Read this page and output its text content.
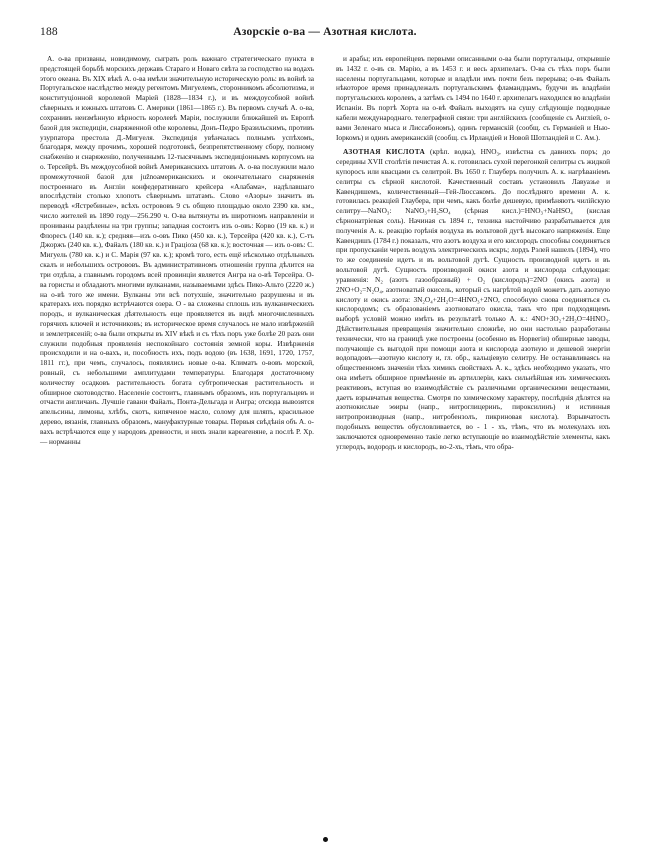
188	Азорскіе о-ва — Азотная кислота.

А. о-ва призваны, новидимому, сыграть роль важнаго стратегическаго пункта в предстоящей борьбѣ морскихъ державъ Стараго и Новаго свѣта за господство на водахъ этого океана. Въ XIX вѣкѣ А. о-ва имѣли значительную историческую роль: въ войнѣ за Португальское наслѣдство между регентомъ Мигуелемъ, сторонникомъ абсолютизма, и конституціонной королевой Маріей (1828—1834 г.), и въ междоусобной войнѣ сѣверныхъ и южныхъ штатовъ С. Америки (1861—1865 г.). Въ первомъ случаѣ А. о-ва, сохранивъ неизмѣнную вѣрность королевѣ Маріи, послужили ближайшей въ Европѣ базой для экспедиціи, снаряженной othe королевы, Донъ-Педро Бразильскимъ, противъ узурпатора престола Д.-Мигуеля. Экспедиція увѣнчалась полнымъ успѣхомъ, благодаря, между прочимъ, хорошей подготовкѣ, безпрепятственному сбору, полному снабженію и снаряженію, полученнымъ 12-тысячнымъ экспедиціоннымъ корпусомъ на о. Терсейрѣ. Въ междоусобной войнѣ Американскихъ штатовъ А. о-ва послужили мало промежуточной базой для južnoамериканскихъ и окончательнаго снаряженія построеннаго въ Англіи конфедеративнаго крейсера «Алабама», надѣлавшаго впослѣдствіи столько хлопотъ сѣвернымъ штатамъ. Слово «Азоры» значитъ въ переводѣ «Ястребиные», всѣхъ острововъ 9 съ общею площадью около 2390 кв. км., число жителей въ 1890 году—256.290 ч. О-ва вытянуты въ широтномъ направленіи и прониваны раздѣлены на три группы; западная состоитъ изъ о-овъ: Корво (19 кв. к.) и Флоресъ (140 кв. к.); средняя—изъ о-овъ Пико (450 кв. к.), Терсейра (420 кв. к.), С-тъ Джоржъ (240 кв. к.), Файалъ (180 кв. к.) и Граціоза (68 кв. к.); восточная — изъ о-овъ: С. Мигуель (780 кв. к.) и С. Марія (97 кв. к.); кромѣ того, есть ещё нѣсколько отдѣльныхъ скалъ и небольшихъ острововъ. Въ административномъ отношеніи группа дѣлится на три отдѣла, а главнымъ городомъ всей провинціи является Ангра на о-вѣ Терсейра. О-ва гористы и обладаютъ многими вулканами, называемыми здѣсь Пико-Альто (2220 ж.) на о-вѣ того же имени. Вулканы эти всѣ потухшіе, значительно разрушены и въ кратерахъ ихъ порядко встрѣчаются озера. О - ва сложены сплошь изъ вулканическихъ породъ, и вулканическая дѣятельность еще проявляется въ видѣ многочисленныхъ горячихъ ключей и источниковъ; въ историческое время случалось не мало извѣрженій и землетрясеній; о-ва были открыты въ XIV вѣкѣ и съ тѣхъ поръ уже болѣе 20 разъ они служили подобныя проявленія неспокойнаго состоянія земной коры. Извѣрженія происходили и на о-вахъ, и, пособность ихъ, подъ водою (въ 1638, 1691, 1720, 1757, 1811 гг.), при чемъ, случалось, появлялись новые о-ва. Климатъ о-вовъ морской, ровный, съ небольшими амплитудами температуры. Благодаря достаточному количеству осадковъ растительность богата субтропическая растительность и обширное скотоводство. Населеніе состоитъ, главнымъ образомъ, изъ португальцевъ и отчасти англичанъ. Лучшіе гавани Файалъ, Понта-Дельгада и Ангра; отсюда вывозятся апельсины, лимоны, хлѣбъ, скотъ, кипяченое масло, солому для шляпъ, красильное дерево, вязанія, главныхъ образомъ, мануфактурные товары. Первыя свѣдѣнія объ А. о-вахъ встрѣчаются еще у народовъ древности, и нихъ знали кареагеняне, а послѣ Р. Хр.— норманны

и арабы; изъ европейцевъ первыми описанными о-ва были португальцы, открывшіе въ 1432 г. о-въ св. Марію, а въ 1453 г. и весь архипелагъ. О-ва съ тѣхъ поръ были населены португальцами, которые и владѣли имъ почти безъ перерыва; о-въ Файалъ нѣкоторое время принадлежалъ португальскимъ фламандцамъ, будучи въ владѣніи португальскихъ королевъ, а затѣмъ съ 1494 по 1640 г. архипелагъ находился во владѣніи Испаніи. Въ портѣ Хорта на о-вѣ Файалъ выходятъ на сушу слѣдующіе подводные кабели международнаго. телеграфной связи: три англійскихъ (сообщеніе съ Англіей, о-вами Зеленаго мыса и Лиссабономъ), одинъ германскій (сообщ. съ Германіей и Нью-Іоркомъ) и одинъ американскій (сообщ. съ Ирландіей и Новой Шотландіей и С. Ам.).

АЗОТНАЯ КИСЛОТА (крѣп. водка), HNO₃, извѣстна съ давнихъ поръ; до середины XVII столѣтія печистая А. к. готовилась сухой перегонкой селитры съ жидкой купоросъ или квасцами съ селитрой. Въ 1650 г. Глауберъ получилъ А. к. нагрѣваніемъ селитры съ сѣрной кислотой. Качественный составъ установилъ Лавуазье и Кавендишемъ, количественный—Гей-Люссакомъ. До послѣдняго времени А. к. готовилась реакціей Глаубера, при чемъ, какъ болѣе дешевую, примѣняютъ чилійскую селитру—NaNO₃: NaNO₃+H₂SO₄ (сѣрная кисл.)=HNO₃+NaHSO₄ (кислая сѣрнонатріевая соль). Начиная съ 1894 г., техника настойчиво разрабатывается для полученія А. к. реакцію горѣнія воздуха въ вольтовой дугѣ высокаго напряженія. Еще Кавендишъ (1784 г.) показалъ, что азотъ воздуха и его кислородъ способны соединяться при пропусканіи черезъ воздухъ электрическихъ искръ; лордъ Рэлей нашелъ (1894), что то же соединеніе идетъ и въ вольтовой дугѣ. Сущность производной идетъ и въ вольтовой дугѣ. Сущность производной окиси азота и кислорода слѣдующая: уравненія: N₂ (азотъ газообразный) + O₂ (кислородъ)=2NO (окись азота) и 2NO+O₂=N₂O₄, азотноватый окисель, который съ нагрѣтой водой можетъ дать азотную кислоту и окись азота: 3N₂O₄+2H₂O=4HNO₃+2NO, способную снова соединяться съ кислородомъ; съ образованіемъ азотноватаго окисла, такъ что при подходящемъ выборѣ условій можно имѣть въ результатѣ только А. к.: 4NO+3O₂+2H₂O=4HNO₃. Дѣйствительныя превращенія значительно сложнѣе, но они настолько разработаны технически, что на границѣ уже построены (особенно въ Норвегіи) обширные заводы, получающіе съ выгодой при помощи азота и кислорода азотную и дешевой энергіи водопадовъ—азотную кислоту и, гл. обр., кальціевую селитру. Не останавливаясь на общественномъ значеніи тѣхъ химикъ свойствахъ А. к., здѣсь необходимо указать, что она имѣетъ обширное примѣненіе въ артиллеріи, какъ сильнѣйшая изъ химическихъ реактивовъ, вступая во взаимодѣйствіе съ различными органическими веществами, даетъ взрывчатыя вещества. Смотря по химическому характеру, послѣднія дѣлятся на азотнокислые эѳиры (напр., нитроглицеринъ, пироксилинъ) и истинныя нитропроизводныя (напр., нитробензолъ, пикриновая кислота). Взрывчатость подобныхъ веществъ обусловливается, во - 1 - хъ, тѣмъ, что въ молекулахъ ихъ заключаются одновременно такіе легко вступающіе во взаимодѣйствіе элементы, какъ углеродъ, водородъ и кислородъ, во-2-хъ, тѣмъ, что обра-
